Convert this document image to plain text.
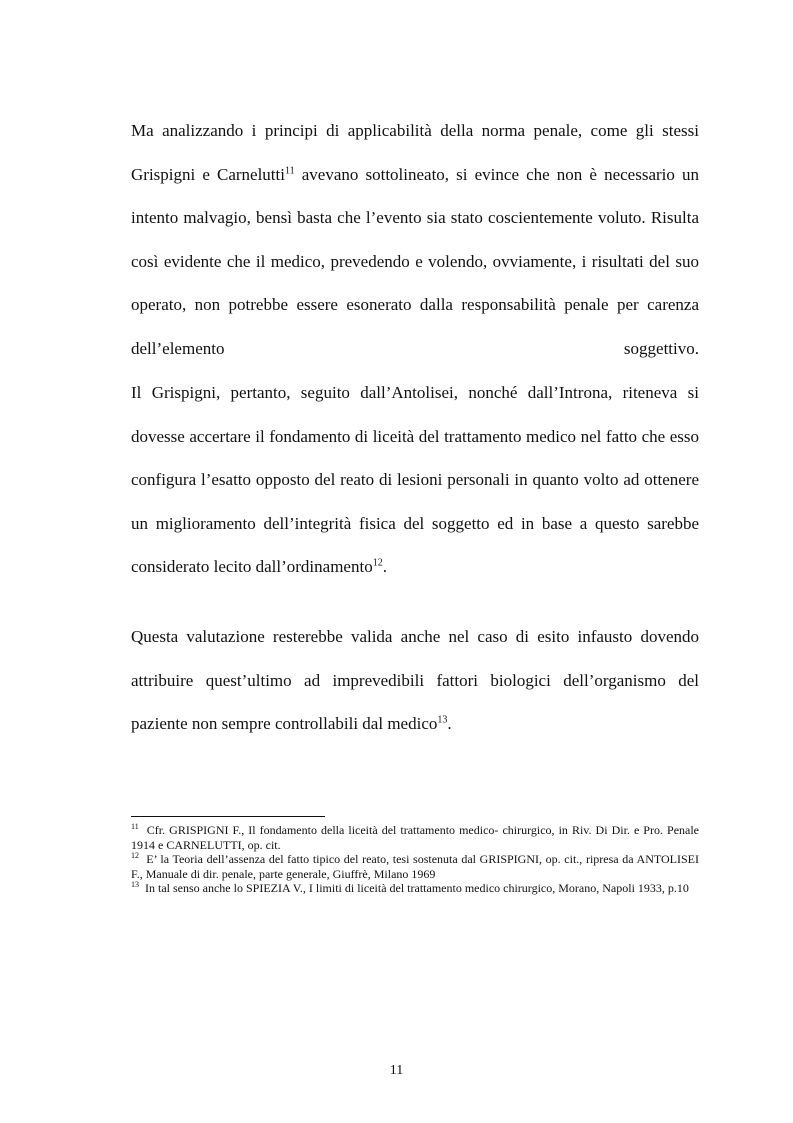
Ma analizzando i principi di applicabilità della norma penale, come gli stessi Grispigni e Carnelutti$^{11}$ avevano sottolineato, si evince che non è necessario un intento malvagio, bensì basta che l’evento sia stato coscientemente voluto. Risulta così evidente che il medico, prevedendo e volendo, ovviamente, i risultati del suo operato, non potrebbe essere esonerato dalla responsabilità penale per carenza dell’elemento soggettivo.

Il Grispigni, pertanto, seguito dall’Antolisei, nonché dall’Introna, riteneva si dovesse accertare il fondamento di liceità del trattamento medico nel fatto che esso configura l’esatto opposto del reato di lesioni personali in quanto volto ad ottenere un miglioramento dell’integrità fisica del soggetto ed in base a questo sarebbe considerato lecito dall’ordinamento$^{12}$.

Questa valutazione resterebbe valida anche nel caso di esito infausto dovendo attribuire quest’ultimo ad imprevedibili fattori biologici dell’organismo del paziente non sempre controllabili dal medico$^{13}$.

$^{11}$ Cfr. GRISPIGNI F., Il fondamento della liceità del trattamento medico- chirurgico, in Riv. Di Dir. e Pro. Penale 1914 e CARNELUTTI, op. cit.

$^{12}$ E’ la Teoria dell’assenza del fatto tipico del reato, tesi sostenuta dal GRISPIGNI, op. cit., ripresa da ANTOLISEI F., Manuale di dir. penale, parte generale, Giuffrè, Milano 1969

$^{13}$ In tal senso anche lo SPIEZIA V., I limiti di liceità del trattamento medico chirurgico, Morano, Napoli 1933, p.10

11
